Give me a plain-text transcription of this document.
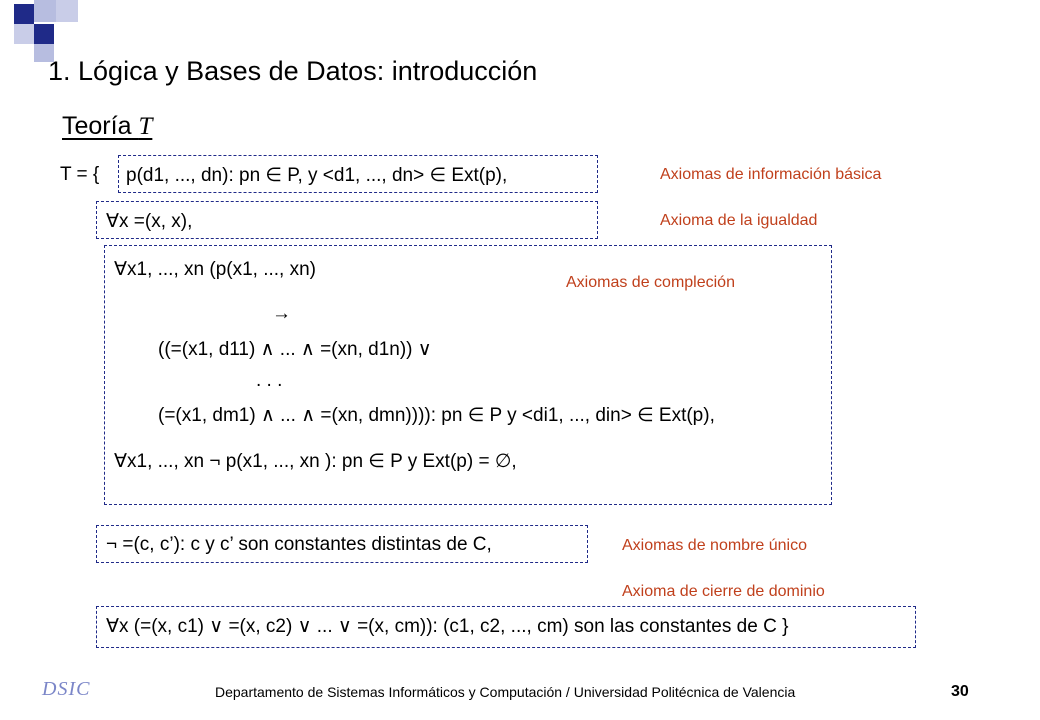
1. Lógica y Bases de Datos: introducción
Teoría T
T = { p(d1, ..., dn): pn ∈ P, y <d1, ..., dn> ∈ Ext(p),
∀x =(x, x),
∀x1, ..., xn (p(x1, ..., xn)
→
((=(x1, d11) ∧ ... ∧ =(xn, d1n)) ∨
. . .
(=(x1, dm1) ∧ ... ∧ =(xn, dmn)))): pn ∈ P y <di1, ..., din> ∈ Ext(p),
∀x1, ..., xn ¬ p(x1, ..., xn ): pn ∈ P y Ext(p) = ∅,
¬ =(c, c’): c y c’ son constantes distintas de C,
∀x (=(x, c1) ∨ =(x, c2) ∨ ... ∨ =(x, cm)): (c1, c2, ..., cm) son las constantes de C }
Axiomas de información básica
Axioma de la igualdad
Axiomas de compleción
Axiomas de nombre único
Axioma de cierre de dominio
DSIC	Departamento de Sistemas Informáticos y Computación / Universidad Politécnica de Valencia	30
